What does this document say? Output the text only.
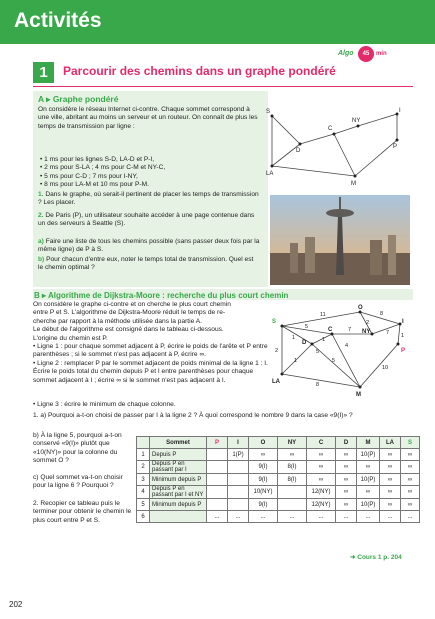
Activités
Algo	45	min
1	Parcourir des chemins dans un graphe pondéré
A ▸ Graphe pondéré
On considère le réseau Internet ci-contre. Chaque sommet correspond à une ville, abritant au moins un serveur et un routeur. On connaît de plus les temps de transmission par ligne :
• 1 ms pour les lignes S-D, LA-D et P-I,
• 2 ms pour S-LA ; 4 ms pour C-M et NY-C,
• 5 ms pour C-D ; 7 ms pour I-NY,
• 8 ms pour LA-M et 10 ms pour P-M.
1. Dans le graphe, où serait-il pertinent de placer les temps de transmission ? Les placer.
2. De Paris (P), un utilisateur souhaite accéder à une page contenue dans un des serveurs à Seattle (S).
a) Faire une liste de tous les chemins possible (sans passer deux fois par la même ligne) de P à S.
b) Pour chacun d'entre eux, noter le temps total de transmission. Quel est le chemin optimal ?
S	I
NY
C
P
D
LA
M
B ▸ Algorithme de Dijkstra-Moore : recherche du plus court chemin
On considère le graphe ci-contre et on cherche le plus court chemin
entre P et S. L'algorithme de Dijkstra-Moore réduit le temps de re-
cherche par rapport à la méthode utilisée dans la partie A.
Le début de l'algorithme est consigné dans le tableau ci-dessous.
L'origine du chemin est P.
• Ligne 1 : pour chaque sommet adjacent à P, écrire le poids de l'arête et P entre parenthèses ; si le sommet n'est pas adjacent à P, écrire ∞.
• Ligne 2 : remplacer P par le sommet adjacent de poids minimal de la ligne 1 : I. Écrire le poids total du chemin depuis P et I entre parenthèses pour chaque sommet adjacent à I ; écrire ∞ si le sommet n'est pas adjacent à I.
• Ligne 3 : écrire le minimum de chaque colonne.
1. a) Pourquoi a-t-on choisi de passer par I à la ligne 2 ? À quoi correspond le nombre 9 dans la case «9(I)» ?
O
S	I
NY
C
D
P
LA
M
11	8
7
2
5
1
7
1
2
1
5
4
10
5
8
1
b) À la ligne 5, pourquoi a-t-on conservé «9(I)» plutôt que «10(NY)» pour la colonne du sommet O ?
c) Quel sommet va-t-on choisir pour la ligne 6 ? Pourquoi ?
2. Recopier ce tableau puis le terminer pour obtenir le chemin le plus court entre P et S.
	Sommet	P	I	O	NY	C	D	M	LA	S
1	Depuis P		1(P)	∞	∞	∞	∞	10(P)	∞	∞
2	Depuis P en passant par I			9(I)	8(I)	∞	∞	∞	∞	∞
3	Minimum depuis P			9(I)	8(I)	∞	∞	10(P)	∞	∞
4	Depuis P en passant par I et NY			10(NY)		12(NY)	∞	∞	∞	∞
5	Minimum depuis P			9(I)		12(NY)	∞	10(P)	∞	∞
6		...	...	...	...	...	...	...	...	...
➜ Cours 1 p. 204
202
